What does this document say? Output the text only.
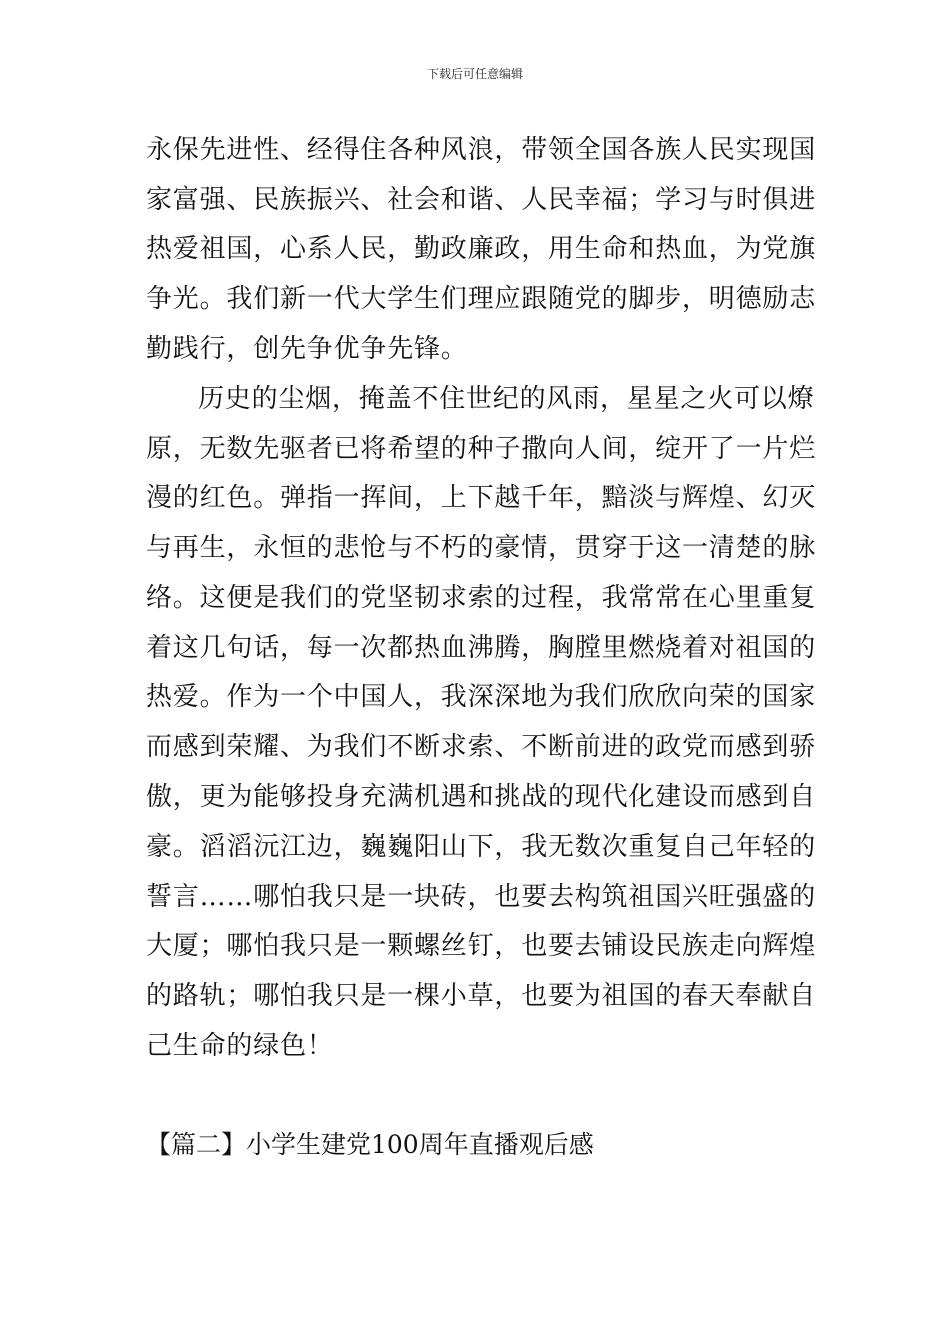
下载后可任意编辑
永保先进性、经得住各种风浪，带领全国各族人民实现国
家富强、民族振兴、社会和谐、人民幸福；学习与时俱进
热爱祖国，心系人民，勤政廉政，用生命和热血，为党旗
争光。我们新一代大学生们理应跟随党的脚步，明德励志
勤践行，创先争优争先锋。
历史的尘烟，掩盖不住世纪的风雨，星星之火可以燎
原，无数先驱者已将希望的种子撒向人间，绽开了一片烂
漫的红色。弹指一挥间，上下越千年，黯淡与辉煌、幻灭
与再生，永恒的悲怆与不朽的豪情，贯穿于这一清楚的脉
络。这便是我们的党坚韧求索的过程，我常常在心里重复
着这几句话，每一次都热血沸腾，胸膛里燃烧着对祖国的
热爱。作为一个中国人，我深深地为我们欣欣向荣的国家
而感到荣耀、为我们不断求索、不断前进的政党而感到骄
傲，更为能够投身充满机遇和挑战的现代化建设而感到自
豪。滔滔沅江边，巍巍阳山下，我无数次重复自己年轻的
誓言……哪怕我只是一块砖，也要去构筑祖国兴旺强盛的
大厦；哪怕我只是一颗螺丝钉，也要去铺设民族走向辉煌
的路轨；哪怕我只是一棵小草，也要为祖国的春天奉献自
己生命的绿色！
【篇二】小学生建党100周年直播观后感
